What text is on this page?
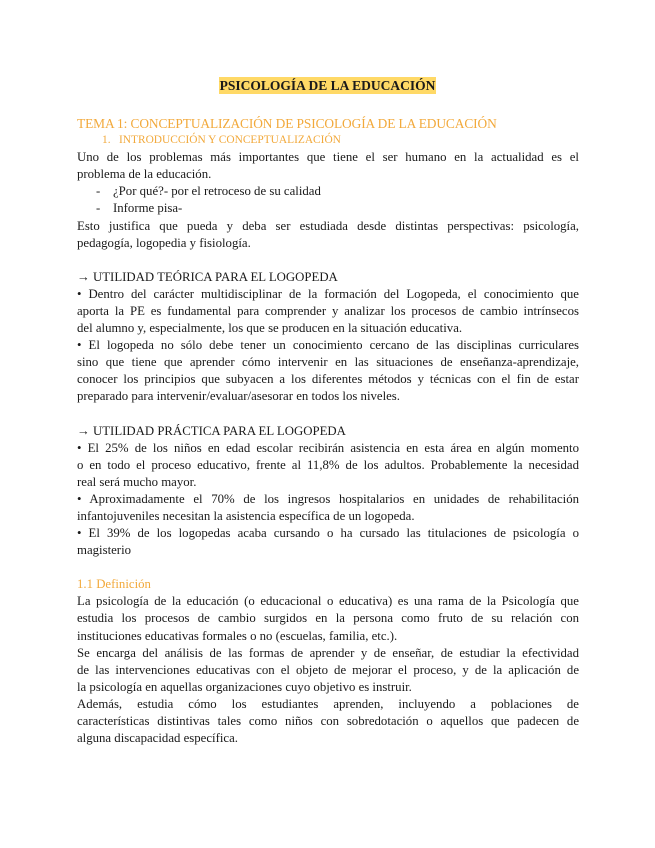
PSICOLOGÍA DE LA EDUCACIÓN
TEMA 1: CONCEPTUALIZACIÓN DE PSICOLOGÍA DE LA EDUCACIÓN
1. INTRODUCCIÓN Y CONCEPTUALIZACIÓN
Uno de los problemas más importantes que tiene el ser humano en la actualidad es el
problema de la educación.
- ¿Por qué?- por el retroceso de su calidad
- Informe pisa-
Esto justifica que pueda y deba ser estudiada desde distintas perspectivas: psicología,
pedagogía, logopedia y fisiología.
→ UTILIDAD TEÓRICA PARA EL LOGOPEDA
• Dentro del carácter multidisciplinar de la formación del Logopeda, el conocimiento que
aporta la PE es fundamental para comprender y analizar los procesos de cambio intrínsecos
del alumno y, especialmente, los que se producen en la situación educativa.
• El logopeda no sólo debe tener un conocimiento cercano de las disciplinas curriculares
sino que tiene que aprender cómo intervenir en las situaciones de enseñanza-aprendizaje,
conocer los principios que subyacen a los diferentes métodos y técnicas con el fin de estar
preparado para intervenir/evaluar/asesorar en todos los niveles.
→ UTILIDAD PRÁCTICA PARA EL LOGOPEDA
• El 25% de los niños en edad escolar recibirán asistencia en esta área en algún momento
o en todo el proceso educativo, frente al 11,8% de los adultos. Probablemente la necesidad
real será mucho mayor.
• Aproximadamente el 70% de los ingresos hospitalarios en unidades de rehabilitación
infantojuveniles necesitan la asistencia específica de un logopeda.
• El 39% de los logopedas acaba cursando o ha cursado las titulaciones de psicología o
magisterio
1.1 Definición
La psicología de la educación (o educacional o educativa) es una rama de la Psicología que
estudia los procesos de cambio surgidos en la persona como fruto de su relación con
instituciones educativas formales o no (escuelas, familia, etc.).
Se encarga del análisis de las formas de aprender y de enseñar, de estudiar la efectividad
de las intervenciones educativas con el objeto de mejorar el proceso, y de la aplicación de
la psicología en aquellas organizaciones cuyo objetivo es instruir.
Además, estudia cómo los estudiantes aprenden, incluyendo a poblaciones de
características distintivas tales como niños con sobredotación o aquellos que padecen de
alguna discapacidad específica.
